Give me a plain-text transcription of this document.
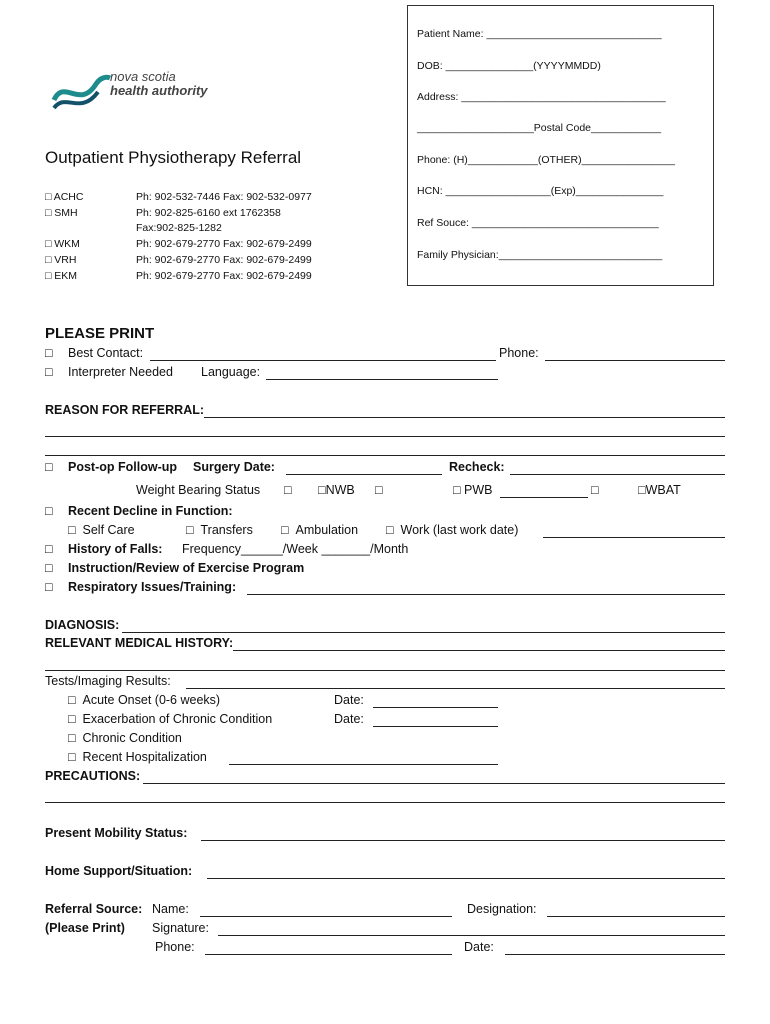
nova scotia
health authority
Outpatient Physiotherapy Referral
□ ACHC	Ph: 902-532-7446 Fax: 902-532-0977
□ SMH	Ph: 902-825-6160 ext 1762358
Fax:902-825-1282
□ WKM	Ph: 902-679-2770 Fax: 902-679-2499
□ VRH	Ph: 902-679-2770 Fax: 902-679-2499
□ EKM	Ph: 902-679-2770 Fax: 902-679-2499
Patient Name: ______________________________
DOB: _______________(YYYYMMDD)
Address: ___________________________________
____________________Postal Code____________
Phone: (H)____________(OTHER)________________
HCN: __________________(Exp)_______________
Ref Souce: ________________________________
Family Physician:____________________________
PLEASE PRINT
□ Best Contact:	Phone:
□ Interpreter Needed Language:
REASON FOR REFERRAL:
□ Post-op Follow-up Surgery Date:	Recheck:
Weight Bearing Status □ □NWB □	□ PWB	□	□WBAT
□ Recent Decline in Function:
□ Self Care	□ Transfers □ Ambulation □ Work (last work date)
□ History of Falls: Frequency______/Week _______/Month
□ Instruction/Review of Exercise Program
□ Respiratory Issues/Training:
DIAGNOSIS:
RELEVANT MEDICAL HISTORY:
Tests/Imaging Results:
□ Acute Onset (0-6 weeks)	Date:
□ Exacerbation of Chronic Condition	Date:
□ Chronic Condition
□ Recent Hospitalization
PRECAUTIONS:
Present Mobility Status:
Home Support/Situation:
Referral Source:
(Please Print)
Name:	Designation:
Signature:
Phone:	Date:
